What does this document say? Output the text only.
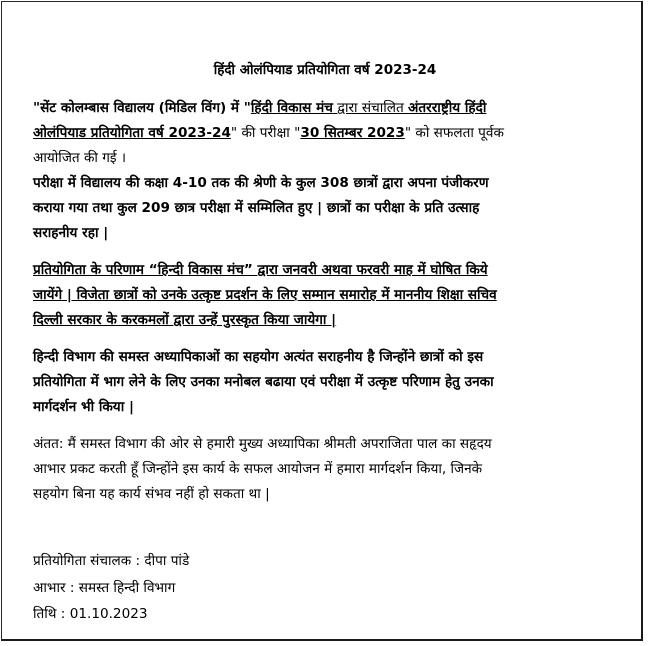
हिंदी ओलंपियाड प्रतियोगिता वर्ष 2023-24
"सेंट कोलम्बास विद्यालय (मिडिल विंग) में "हिंदी विकास मंच द्वारा संचालित अंतरराष्ट्रीय हिंदी
ओलंपियाड प्रतियोगिता वर्ष 2023-24" की परीक्षा "30 सितम्बर 2023" को सफलता पूर्वक
आयोजित की गई ।
परीक्षा में विद्यालय की कक्षा 4-10 तक की श्रेणी के कुल 308 छात्रों द्वारा अपना पंजीकरण
कराया गया तथा कुल 209 छात्र परीक्षा में सम्मिलित हुए | छात्रों का परीक्षा के प्रति उत्साह
सराहनीय रहा |
प्रतियोगिता के परिणाम “हिन्दी विकास मंच” द्वारा जनवरी अथवा फरवरी माह में घोषित किये
जायेंगे | विजेता छात्रों को उनके उत्कृष्ट प्रदर्शन के लिए सम्मान समारोह में माननीय शिक्षा सचिव
दिल्ली सरकार के करकमलों द्वारा उन्हें पुरस्कृत किया जायेगा |
हिन्दी विभाग की समस्त अध्यापिकाओं का सहयोग अत्यंत सराहनीय है जिन्होंने छात्रों को इस
प्रतियोगिता में भाग लेने के लिए उनका मनोबल बढाया एवं परीक्षा में उत्कृष्ट परिणाम हेतु उनका
मार्गदर्शन भी किया |
अंतत: मैं समस्त विभाग की ओर से हमारी मुख्य अध्यापिका श्रीमती अपराजिता पाल का सहृदय
आभार प्रकट करती हूँ जिन्होंने इस कार्य के सफल आयोजन में हमारा मार्गदर्शन किया, जिनके
सहयोग बिना यह कार्य संभव नहीं हो सकता था |
प्रतियोगिता संचालक : दीपा पांडे
आभार : समस्त हिन्दी विभाग
तिथि : 01.10.2023
